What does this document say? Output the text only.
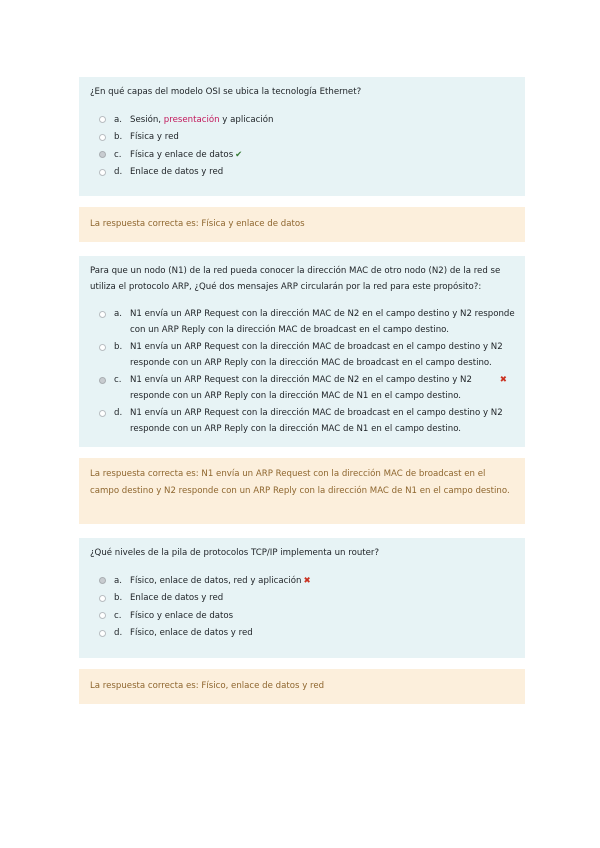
¿En qué capas del modelo OSI se ubica la tecnología Ethernet?

a. Sesión, presentación y aplicación
b. Física y red
c. Física y enlace de datos ✔
d. Enlace de datos y red
La respuesta correcta es: Física y enlace de datos

Para que un nodo (N1) de la red pueda conocer la dirección MAC de otro nodo (N2) de la red se utiliza el protocolo ARP, ¿Qué dos mensajes ARP circularán por la red para este propósito?:

a. N1 envía un ARP Request con la dirección MAC de N2 en el campo destino y N2 responde con un ARP Reply con la dirección MAC de broadcast en el campo destino.
b. N1 envía un ARP Request con la dirección MAC de broadcast en el campo destino y N2 responde con un ARP Reply con la dirección MAC de broadcast en el campo destino.
c. N1 envía un ARP Request con la dirección MAC de N2 en el campo destino y N2 responde con un ARP Reply con la dirección MAC de N1 en el campo destino.
✖
d. N1 envía un ARP Request con la dirección MAC de broadcast en el campo destino y N2 responde con un ARP Reply con la dirección MAC de N1 en el campo destino.
La respuesta correcta es: N1 envía un ARP Request con la dirección MAC de broadcast en el campo destino y N2 responde con un ARP Reply con la dirección MAC de N1 en el campo destino.

¿Qué niveles de la pila de protocolos TCP/IP implementa un router?

a. Físico, enlace de datos, red y aplicación ✖
b. Enlace de datos y red
c. Físico y enlace de datos
d. Físico, enlace de datos y red
La respuesta correcta es: Físico, enlace de datos y red
